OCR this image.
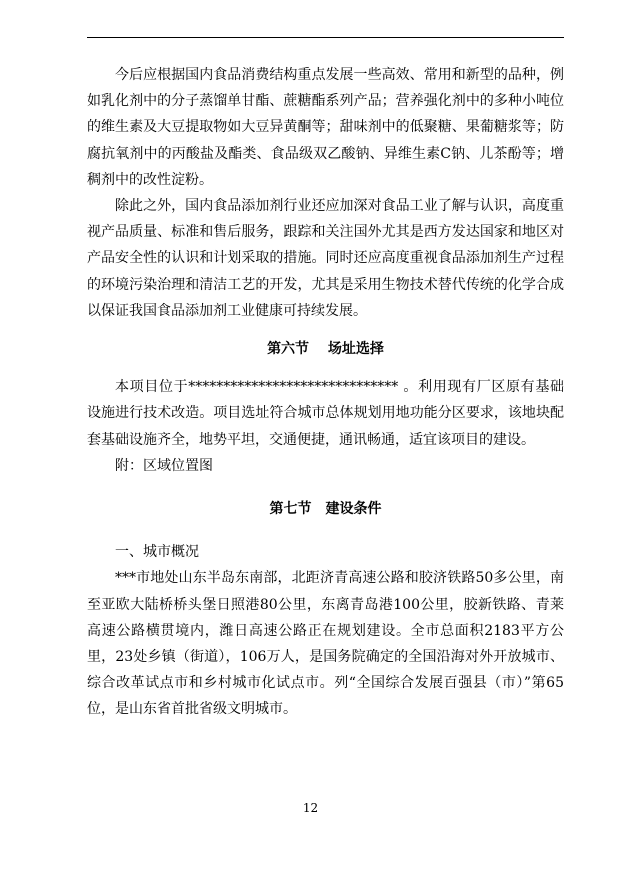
今后应根据国内食品消费结构重点发展一些高效、常用和新型的品种，例如乳化剂中的分子蒸馏单甘酯、蔗糖酯系列产品；营养强化剂中的多种小吨位的维生素及大豆提取物如大豆异黄酮等；甜味剂中的低聚糖、果葡糖浆等；防腐抗氧剂中的丙酸盐及酯类、食品级双乙酸钠、异维生素C钠、儿茶酚等；增稠剂中的改性淀粉。

除此之外，国内食品添加剂行业还应加深对食品工业了解与认识，高度重视产品质量、标准和售后服务，跟踪和关注国外尤其是西方发达国家和地区对产品安全性的认识和计划采取的措施。同时还应高度重视食品添加剂生产过程的环境污染治理和清洁工艺的开发，尤其是采用生物技术替代传统的化学合成以保证我国食品添加剂工业健康可持续发展。

第六节　 场址选择

本项目位于****************************** 。利用现有厂区原有基础设施进行技术改造。项目选址符合城市总体规划用地功能分区要求，该地块配套基础设施齐全，地势平坦，交通便捷，通讯畅通，适宜该项目的建设。

附：区域位置图

第七节　建设条件

一、城市概况

***市地处山东半岛东南部，北距济青高速公路和胶济铁路50多公里，南至亚欧大陆桥桥头堡日照港80公里，东离青岛港100公里，胶新铁路、青莱高速公路横贯境内，潍日高速公路正在规划建设。全市总面积2183平方公里，23处乡镇（街道），106万人，是国务院确定的全国沿海对外开放城市、综合改革试点市和乡村城市化试点市。列“全国综合发展百强县（市）”第65位，是山东省首批省级文明城市。

12
